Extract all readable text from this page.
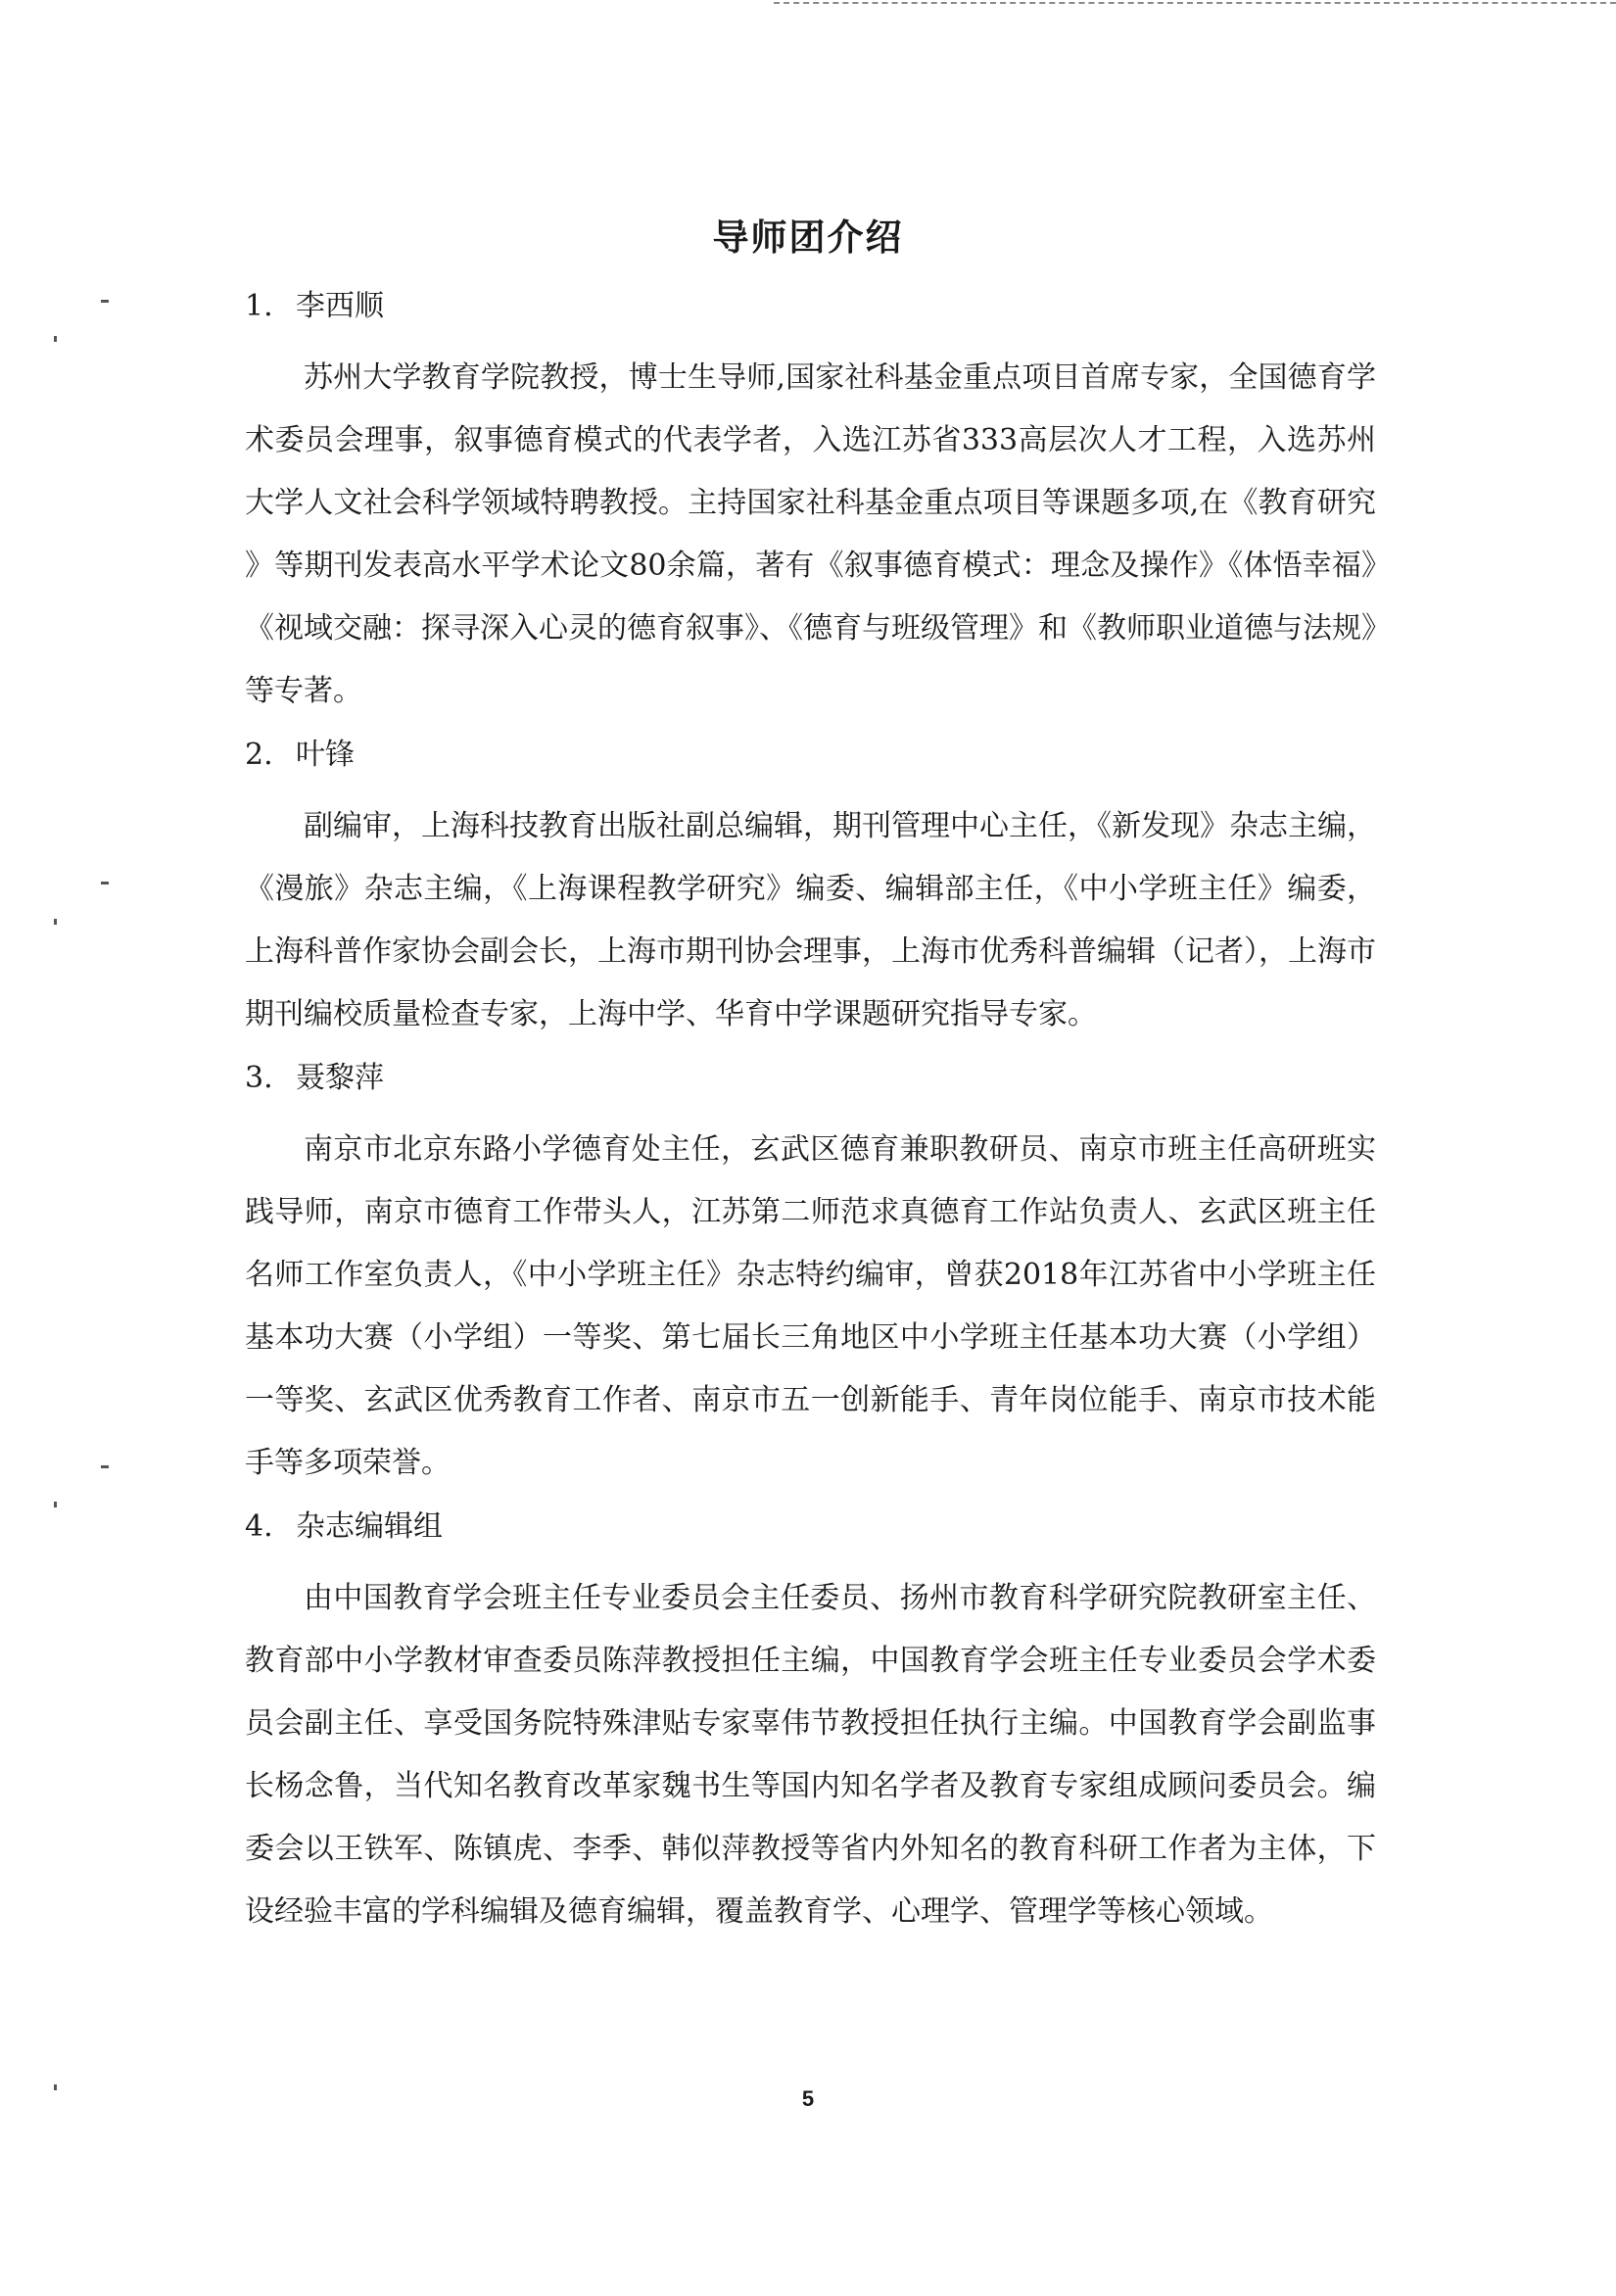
导师团介绍
1. 李西顺

苏州大学教育学院教授，博士生导师,国家社科基金重点项目首席专家，全国德育学术委员会理事，叙事德育模式的代表学者，入选江苏省333高层次人才工程，入选苏州大学人文社会科学领域特聘教授。主持国家社科基金重点项目等课题多项,在《教育研究》等期刊发表高水平学术论文80余篇，著有《叙事德育模式：理念及操作》《体悟幸福》《视域交融：探寻深入心灵的德育叙事》、《德育与班级管理》和《教师职业道德与法规》等专著。

2. 叶锋

副编审，上海科技教育出版社副总编辑，期刊管理中心主任，《新发现》杂志主编，《漫旅》杂志主编，《上海课程教学研究》编委、编辑部主任，《中小学班主任》编委，上海科普作家协会副会长，上海市期刊协会理事，上海市优秀科普编辑（记者），上海市期刊编校质量检查专家，上海中学、华育中学课题研究指导专家。

3. 聂黎萍

南京市北京东路小学德育处主任，玄武区德育兼职教研员、南京市班主任高研班实践导师，南京市德育工作带头人，江苏第二师范求真德育工作站负责人、玄武区班主任名师工作室负责人，《中小学班主任》杂志特约编审，曾获2018年江苏省中小学班主任基本功大赛（小学组）一等奖、第七届长三角地区中小学班主任基本功大赛（小学组）一等奖、玄武区优秀教育工作者、南京市五一创新能手、青年岗位能手、南京市技术能手等多项荣誉。

4. 杂志编辑组

由中国教育学会班主任专业委员会主任委员、扬州市教育科学研究院教研室主任、教育部中小学教材审查委员陈萍教授担任主编，中国教育学会班主任专业委员会学术委员会副主任、享受国务院特殊津贴专家辜伟节教授担任执行主编。中国教育学会副监事长杨念鲁，当代知名教育改革家魏书生等国内知名学者及教育专家组成顾问委员会。编委会以王铁军、陈镇虎、李季、韩似萍教授等省内外知名的教育科研工作者为主体，下设经验丰富的学科编辑及德育编辑，覆盖教育学、心理学、管理学等核心领域。

5
